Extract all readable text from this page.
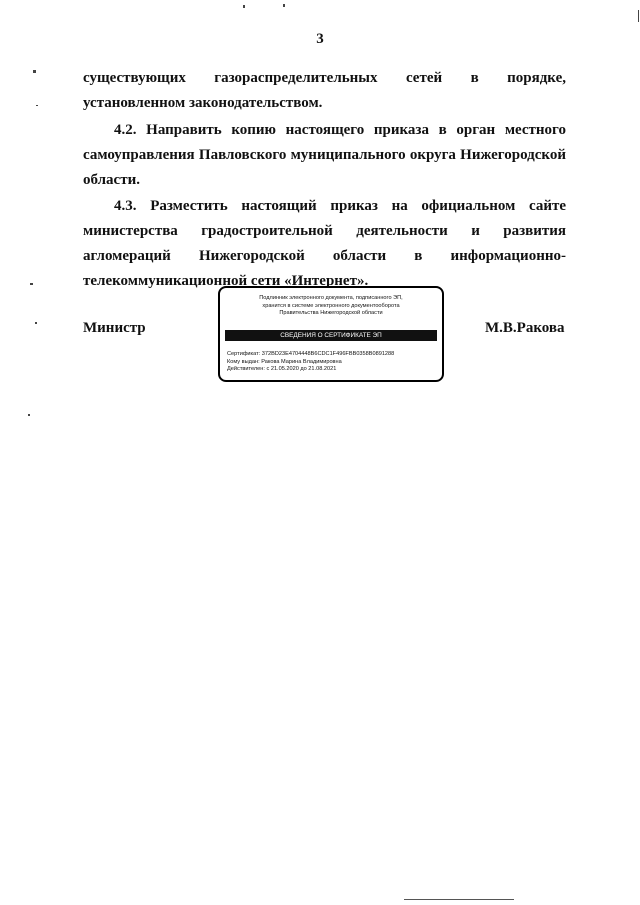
3

существующих газораспределительных сетей в порядке, установленном законодательством.

4.2. Направить копию настоящего приказа в орган местного самоуправления Павловского муниципального округа Нижегородской области.

4.3. Разместить настоящий приказ на официальном сайте министерства градостроительной деятельности и развития агломераций Нижегородской области в информационно-телекоммуникационной сети «Интернет».

Министр	М.В.Ракова
Подлинник электронного документа, подписанного ЭП,
хранится в системе электронного документооборота
Правительства Нижегородской области
СВЕДЕНИЯ О СЕРТИФИКАТЕ ЭП
Сертификат: 372BD23E4704448B6CDC1F496FBB0358B0891288
Кому выдан: Ракова Марина Владимировна
Действителен: с 21.05.2020 до 21.08.2021
